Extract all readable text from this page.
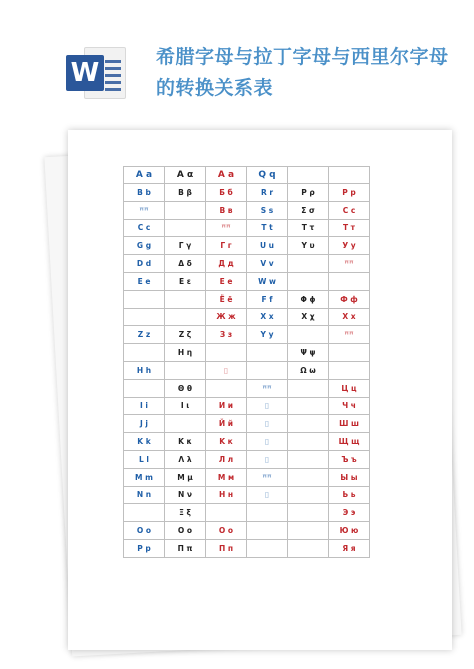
W
希腊字母与拉丁字母与西里尔字母的转换关系表
A a	A α	A a	Q q		
B b	B β	Б б	R r	P ρ	P p
ꟸꟸ		B в	S s	Σ σ	C c
C c		ꟸꟸ	T t	T τ	T т
G g	Γ γ	Г г	U u	Y υ	У у
D d	Δ δ	Д д	V v		ꟸꟸ
E e	E ε	E e	W w		
		Ë ë	F f	Φ ϕ	Ф ф
		Ж ж	X x	X χ	X x
Z z	Z ζ	З з	Y y		ꟸꟸ
	H η			Ψ ψ	
H h		▯		Ω ω	
	Θ θ		ꟸꟸ		Ц ц
I i	I ι	И и	▯		Ч ч
J j		Й й	▯		Ш ш
K k	K κ	K к	▯		Щ щ
L l	Λ λ	Л л	▯		Ъ ъ
M m	M μ	M м	ꟸꟸ		Ы ы
N n	N ν	H н	▯		Ь ь
	Ξ ξ				Э э
O o	O o	O o			Ю ю
P p	Π π	П п			Я я
